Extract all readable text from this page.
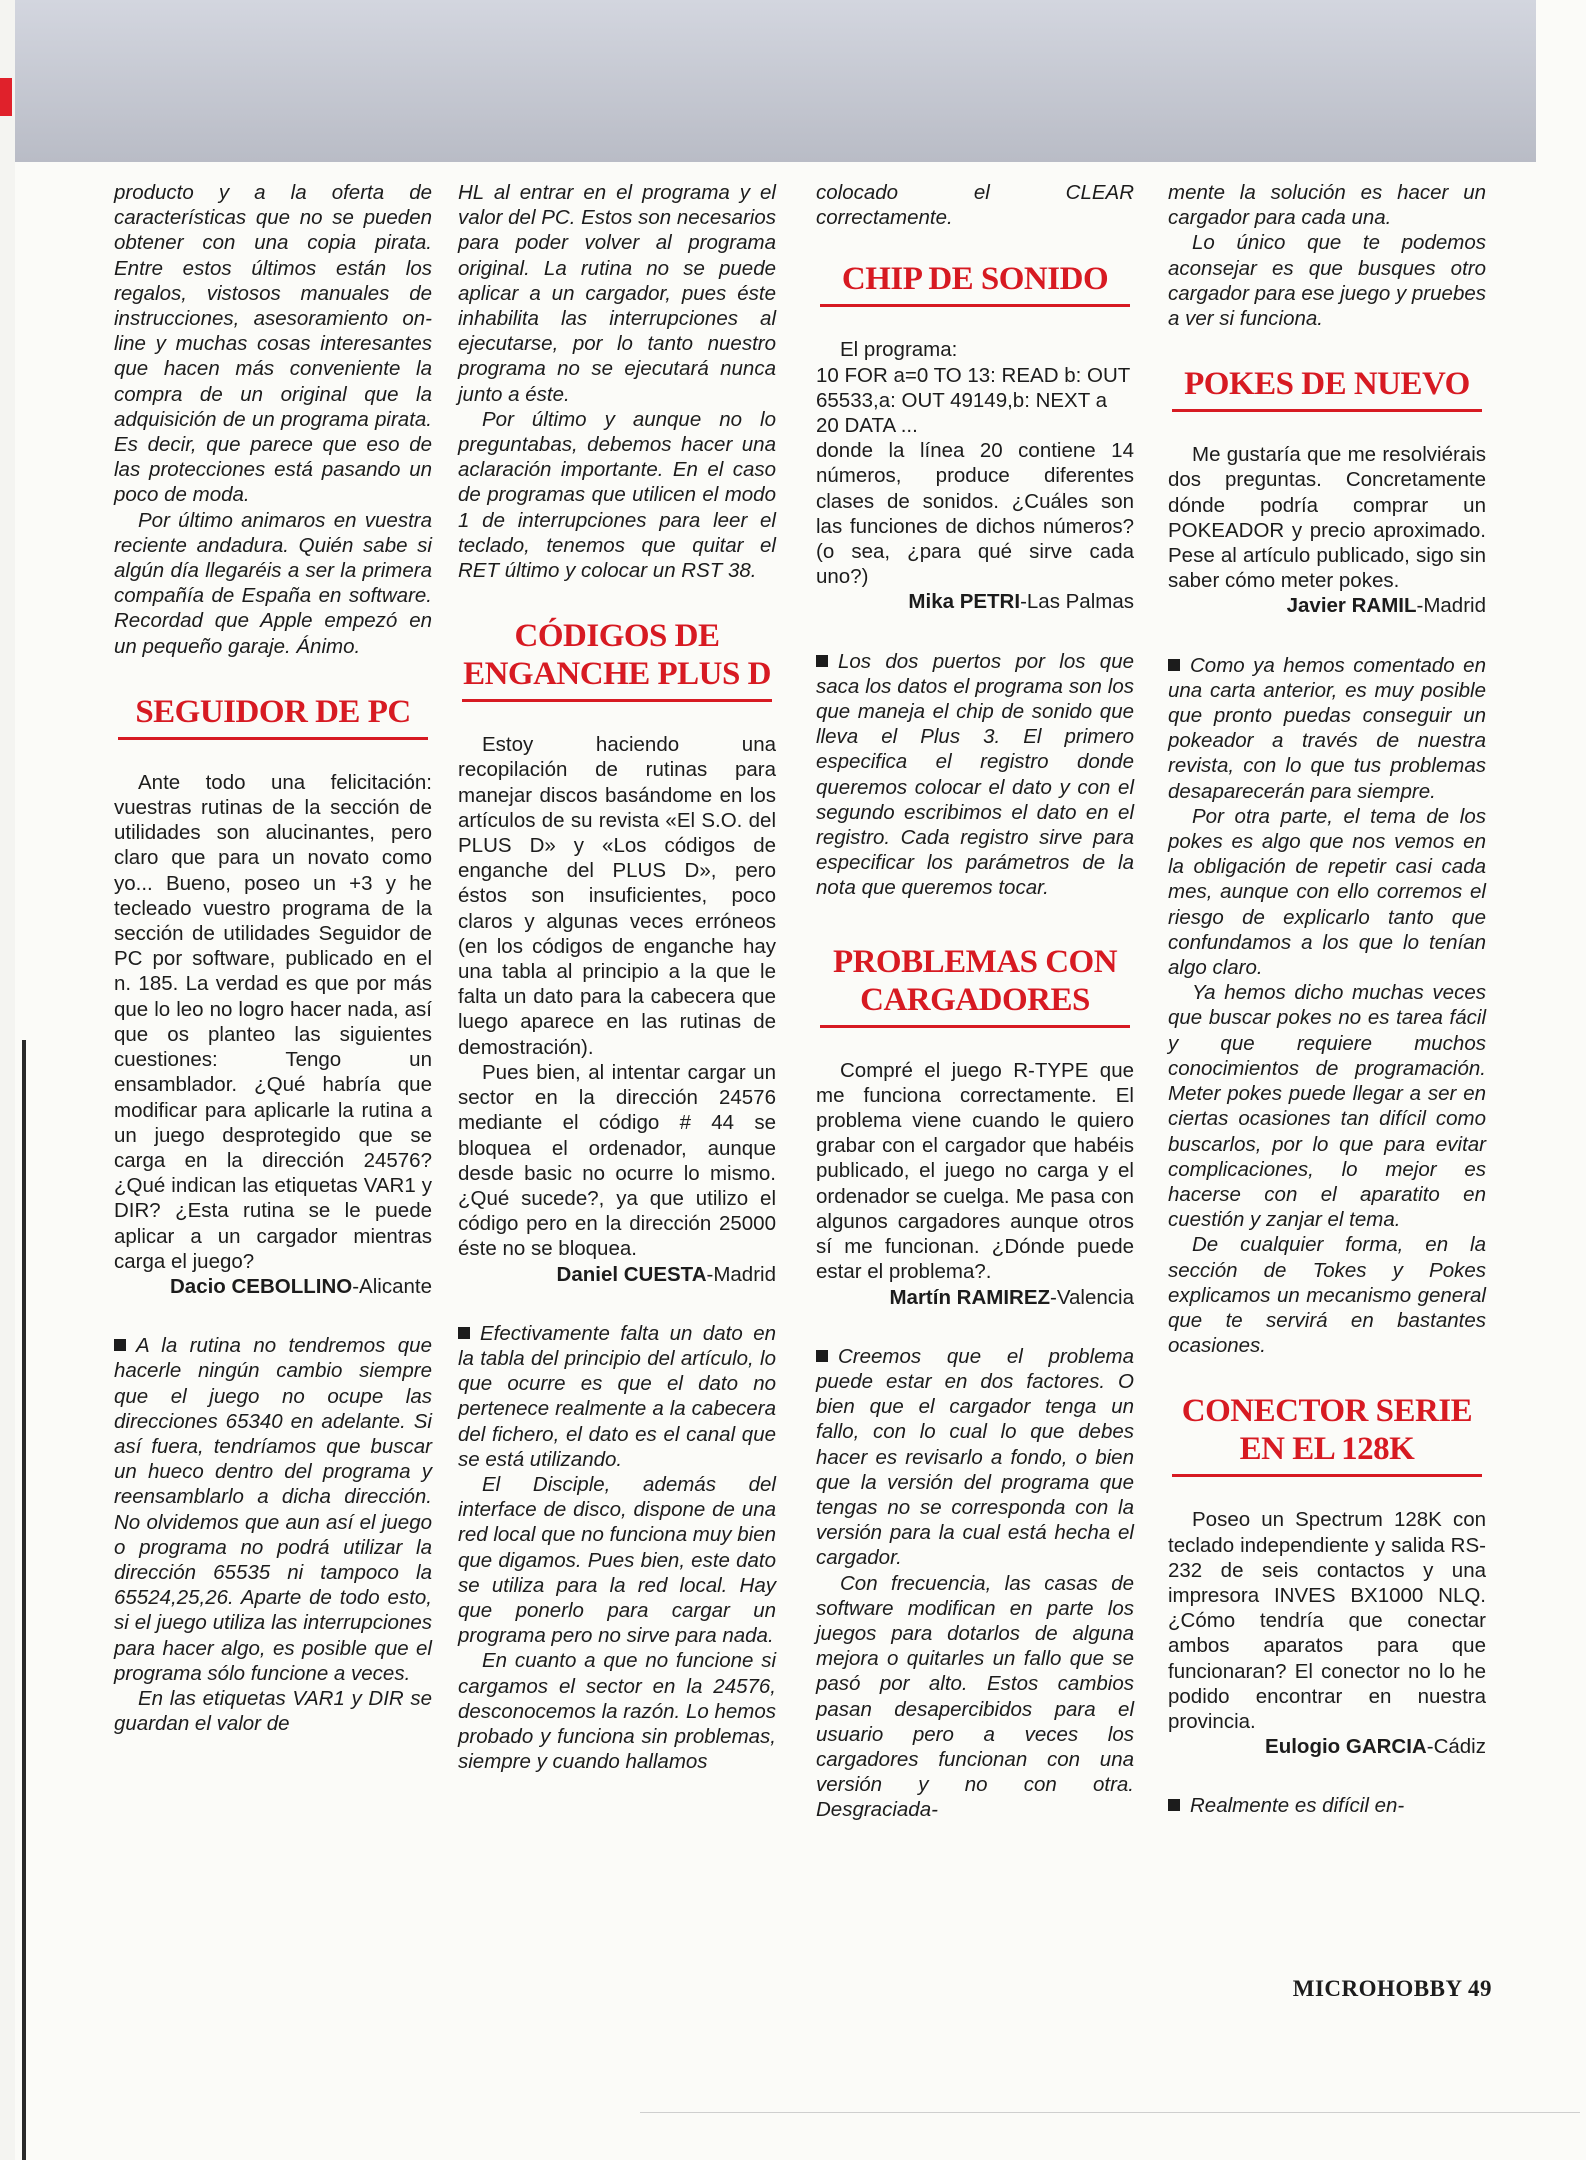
producto y a la oferta de características que no se pueden obtener con una copia pirata. Entre estos últimos están los regalos, vistosos manuales de instrucciones, asesoramiento on-line y muchas cosas interesantes que hacen más conveniente la compra de un original que la adquisición de un programa pirata. Es decir, que parece que eso de las protecciones está pasando un poco de moda.

Por último animaros en vuestra reciente andadura. Quién sabe si algún día llegaréis a ser la primera compañía de España en software. Recordad que Apple empezó en un pequeño garaje. Ánimo.

SEGUIDOR DE PC

Ante todo una felicitación: vuestras rutinas de la sección de utilidades son alucinantes, pero claro que para un novato como yo... Bueno, poseo un +3 y he tecleado vuestro programa de la sección de utilidades Seguidor de PC por software, publicado en el n. 185. La verdad es que por más que lo leo no logro hacer nada, así que os planteo las siguientes cuestiones: Tengo un ensamblador. ¿Qué habría que modificar para aplicarle la rutina a un juego desprotegido que se carga en la dirección 24576? ¿Qué indican las etiquetas VAR1 y DIR? ¿Esta rutina se le puede aplicar a un cargador mientras carga el juego?

Dacio CEBOLLINO-Alicante

A la rutina no tendremos que hacerle ningún cambio siempre que el juego no ocupe las direcciones 65340 en adelante. Si así fuera, tendríamos que buscar un hueco dentro del programa y reensamblarlo a dicha dirección. No olvidemos que aun así el juego o programa no podrá utilizar la dirección 65535 ni tampoco la 65524,25,26. Aparte de todo esto, si el juego utiliza las interrupciones para hacer algo, es posible que el programa sólo funcione a veces.

En las etiquetas VAR1 y DIR se guardan el valor de

HL al entrar en el programa y el valor del PC. Estos son necesarios para poder volver al programa original. La rutina no se puede aplicar a un cargador, pues éste inhabilita las interrupciones al ejecutarse, por lo tanto nuestro programa no se ejecutará nunca junto a éste.

Por último y aunque no lo preguntabas, debemos hacer una aclaración importante. En el caso de programas que utilicen el modo 1 de interrupciones para leer el teclado, tenemos que quitar el RET último y colocar un RST 38.

CÓDIGOS DE
ENGANCHE PLUS D

Estoy haciendo una recopilación de rutinas para manejar discos basándome en los artículos de su revista «El S.O. del PLUS D» y «Los códigos de enganche del PLUS D», pero éstos son insuficientes, poco claros y algunas veces erróneos (en los códigos de enganche hay una tabla al principio a la que le falta un dato para la cabecera que luego aparece en las rutinas de demostración).

Pues bien, al intentar cargar un sector en la dirección 24576 mediante el código # 44 se bloquea el ordenador, aunque desde basic no ocurre lo mismo. ¿Qué sucede?, ya que utilizo el código pero en la dirección 25000 éste no se bloquea.

Daniel CUESTA-Madrid

Efectivamente falta un dato en la tabla del principio del artículo, lo que ocurre es que el dato no pertenece realmente a la cabecera del fichero, el dato es el canal que se está utilizando.

El Disciple, además del interface de disco, dispone de una red local que no funciona muy bien que digamos. Pues bien, este dato se utiliza para la red local. Hay que ponerlo para cargar un programa pero no sirve para nada.

En cuanto a que no funcione si cargamos el sector en la 24576, desconocemos la razón. Lo hemos probado y funciona sin problemas, siempre y cuando hallamos

colocado el CLEAR correctamente.

CHIP DE SONIDO

El programa:

10 FOR a=0 TO 13: READ b: OUT 65533,a: OUT 49149,b: NEXT a

20 DATA ...

donde la línea 20 contiene 14 números, produce diferentes clases de sonidos. ¿Cuáles son las funciones de dichos números? (o sea, ¿para qué sirve cada uno?)

Mika PETRI-Las Palmas

Los dos puertos por los que saca los datos el programa son los que maneja el chip de sonido que lleva el Plus 3. El primero especifica el registro donde queremos colocar el dato y con el segundo escribimos el dato en el registro. Cada registro sirve para especificar los parámetros de la nota que queremos tocar.

PROBLEMAS CON
CARGADORES

Compré el juego R-TYPE que me funciona correctamente. El problema viene cuando le quiero grabar con el cargador que habéis publicado, el juego no carga y el ordenador se cuelga. Me pasa con algunos cargadores aunque otros sí me funcionan. ¿Dónde puede estar el problema?.

Martín RAMIREZ-Valencia

Creemos que el problema puede estar en dos factores. O bien que el cargador tenga un fallo, con lo cual lo que debes hacer es revisarlo a fondo, o bien que la versión del programa que tengas no se corresponda con la versión para la cual está hecha el cargador.

Con frecuencia, las casas de software modifican en parte los juegos para dotarlos de alguna mejora o quitarles un fallo que se pasó por alto. Estos cambios pasan desapercibidos para el usuario pero a veces los cargadores funcionan con una versión y no con otra. Desgraciada-

mente la solución es hacer un cargador para cada una.

Lo único que te podemos aconsejar es que busques otro cargador para ese juego y pruebes a ver si funciona.

POKES DE NUEVO

Me gustaría que me resolviérais dos preguntas. Concretamente dónde podría comprar un POKEADOR y precio aproximado. Pese al artículo publicado, sigo sin saber cómo meter pokes.

Javier RAMIL-Madrid

Como ya hemos comentado en una carta anterior, es muy posible que pronto puedas conseguir un pokeador a través de nuestra revista, con lo que tus problemas desaparecerán para siempre.

Por otra parte, el tema de los pokes es algo que nos vemos en la obligación de repetir casi cada mes, aunque con ello corremos el riesgo de explicarlo tanto que confundamos a los que lo tenían algo claro.

Ya hemos dicho muchas veces que buscar pokes no es tarea fácil y que requiere muchos conocimientos de programación. Meter pokes puede llegar a ser en ciertas ocasiones tan difícil como buscarlos, por lo que para evitar complicaciones, lo mejor es hacerse con el aparatito en cuestión y zanjar el tema.

De cualquier forma, en la sección de Tokes y Pokes explicamos un mecanismo general que te servirá en bastantes ocasiones.

CONECTOR SERIE
EN EL 128K

Poseo un Spectrum 128K con teclado independiente y salida RS-232 de seis contactos y una impresora INVES BX1000 NLQ. ¿Cómo tendría que conectar ambos aparatos para que funcionaran? El conector no lo he podido encontrar en nuestra provincia.

Eulogio GARCIA-Cádiz

Realmente es difícil en-

MICROHOBBY 49
